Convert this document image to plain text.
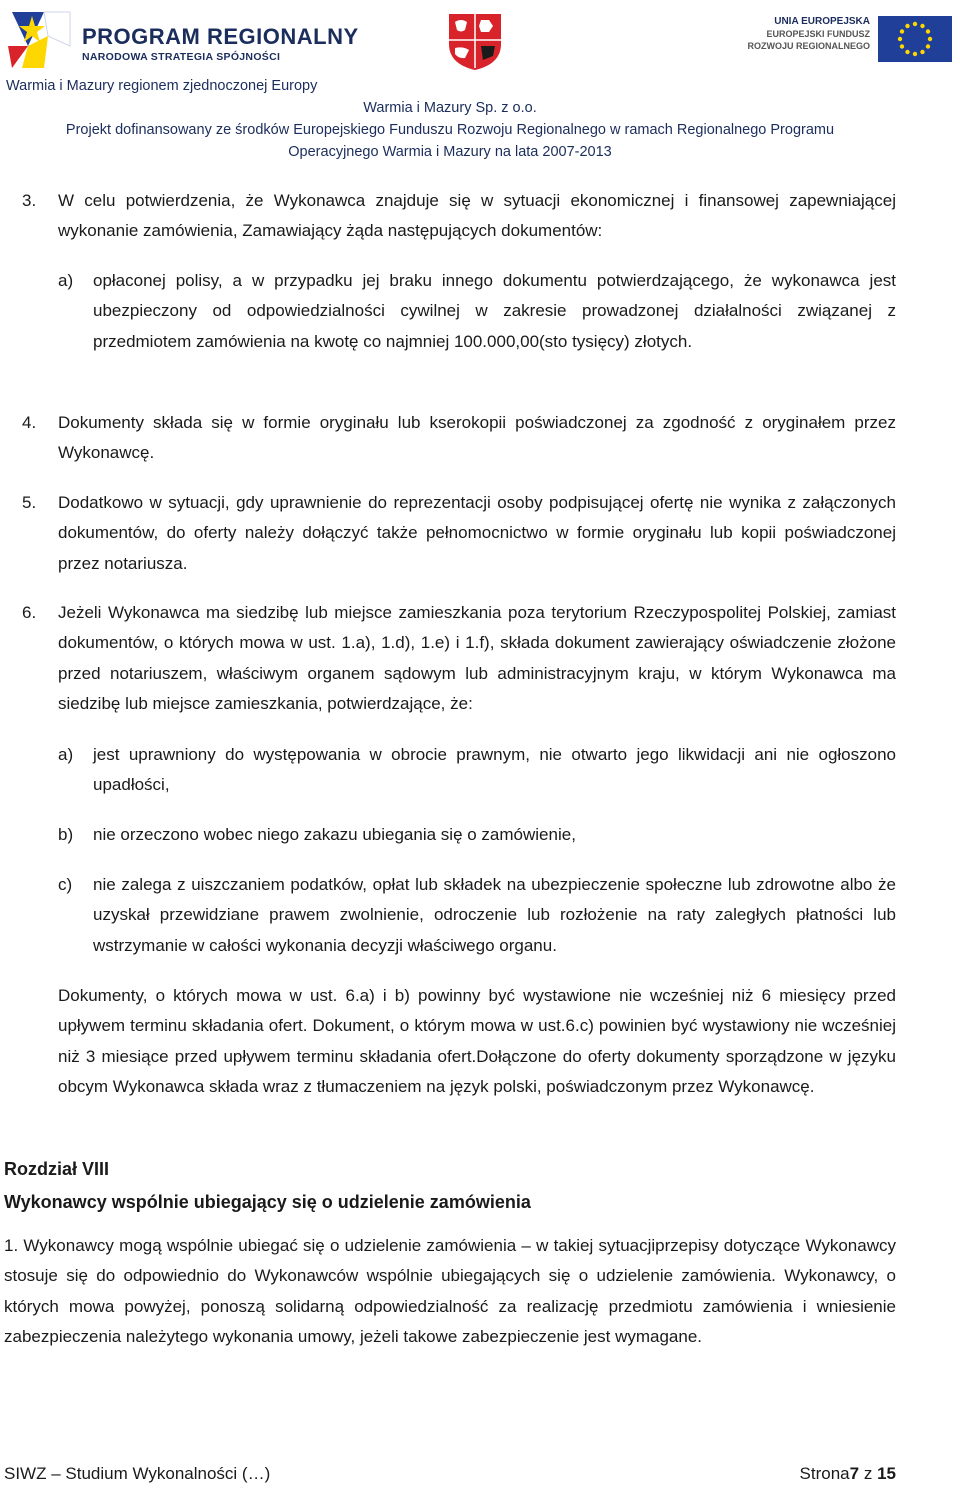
PROGRAM REGIONALNY
NARODOWA STRATEGIA SPÓJNOŚCI
UNIA EUROPEJSKA
EUROPEJSKI FUNDUSZ
ROZWOJU REGIONALNEGO
Warmia i Mazury regionem zjednoczonej Europy
Warmia i Mazury Sp. z o.o.
Projekt dofinansowany ze środków Europejskiego Funduszu Rozwoju Regionalnego w ramach Regionalnego Programu
Operacyjnego Warmia i Mazury na lata 2007-2013
3. W celu potwierdzenia, że Wykonawca znajduje się w sytuacji ekonomicznej i finansowej zapewniającej wykonanie zamówienia, Zamawiający żąda następujących dokumentów:
a) opłaconej polisy, a w przypadku jej braku innego dokumentu potwierdzającego, że wykonawca jest ubezpieczony od odpowiedzialności cywilnej w zakresie prowadzonej działalności związanej z przedmiotem zamówienia na kwotę co najmniej 100.000,00(sto tysięcy) złotych.
4. Dokumenty składa się w formie oryginału lub kserokopii poświadczonej za zgodność z oryginałem przez Wykonawcę.
5. Dodatkowo w sytuacji, gdy uprawnienie do reprezentacji osoby podpisującej ofertę nie wynika z załączonych dokumentów, do oferty należy dołączyć także pełnomocnictwo w formie oryginału lub kopii poświadczonej przez notariusza.
6. Jeżeli Wykonawca ma siedzibę lub miejsce zamieszkania poza terytorium Rzeczypospolitej Polskiej, zamiast dokumentów, o których mowa w ust. 1.a), 1.d), 1.e) i 1.f), składa dokument zawierający oświadczenie złożone przed notariuszem, właściwym organem sądowym lub administracyjnym kraju, w którym Wykonawca ma siedzibę lub miejsce zamieszkania, potwierdzające, że:
a) jest uprawniony do występowania w obrocie prawnym, nie otwarto jego likwidacji ani nie ogłoszono upadłości,
b) nie orzeczono wobec niego zakazu ubiegania się o zamówienie,
c) nie zalega z uiszczaniem podatków, opłat lub składek na ubezpieczenie społeczne lub zdrowotne albo że uzyskał przewidziane prawem zwolnienie, odroczenie lub rozłożenie na raty zaległych płatności lub wstrzymanie w całości wykonania decyzji właściwego organu.
Dokumenty, o których mowa w ust. 6.a) i b) powinny być wystawione nie wcześniej niż 6 miesięcy przed upływem terminu składania ofert. Dokument, o którym mowa w ust.6.c) powinien być wystawiony nie wcześniej niż 3 miesiące przed upływem terminu składania ofert.Dołączone do oferty dokumenty sporządzone w języku obcym Wykonawca składa wraz z tłumaczeniem na język polski, poświadczonym przez Wykonawcę.
Rozdział VIII
Wykonawcy wspólnie ubiegający się o udzielenie zamówienia
1. Wykonawcy mogą wspólnie ubiegać się o udzielenie zamówienia – w takiej sytuacjiprzepisy dotyczące Wykonawcy stosuje się do odpowiednio do Wykonawców wspólnie ubiegających się o udzielenie zamówienia. Wykonawcy, o których mowa powyżej, ponoszą solidarną odpowiedzialność za realizację przedmiotu zamówienia i wniesienie zabezpieczenia należytego wykonania umowy, jeżeli takowe zabezpieczenie jest wymagane.
SIWZ – Studium Wykonalności (…)	Strona7 z 15
